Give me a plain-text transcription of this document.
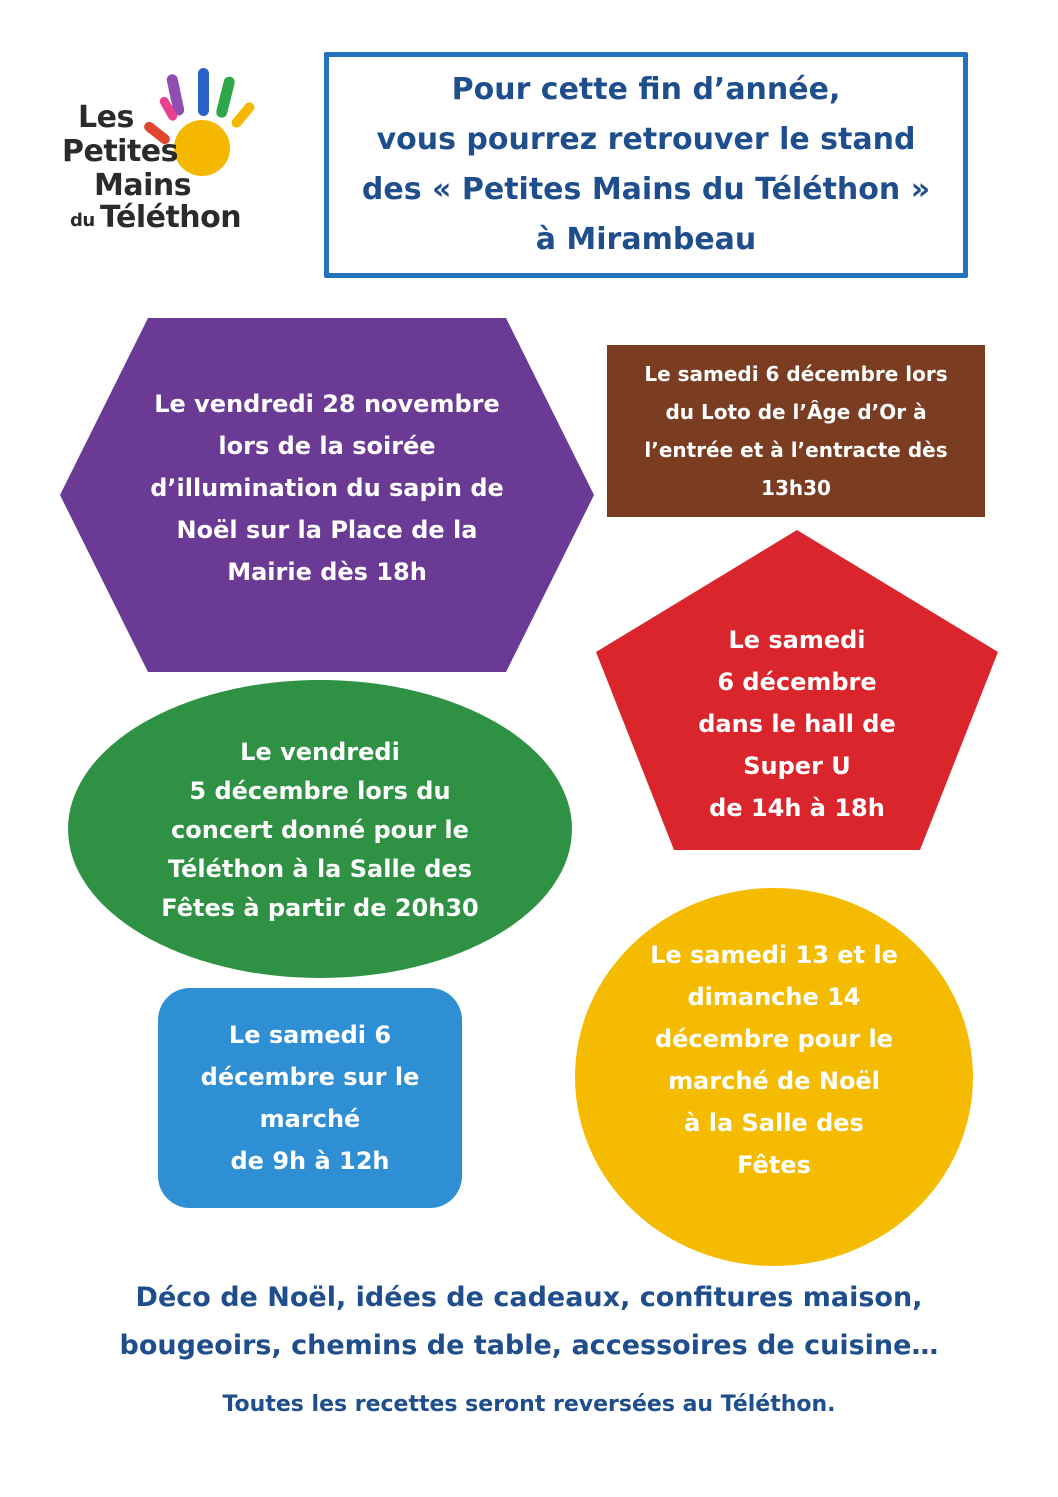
Les
Petites
Mains
du Téléthon
Pour cette fin d’année,
vous pourrez retrouver le stand
des « Petites Mains du Téléthon »
à Mirambeau
Le vendredi 28 novembre
lors de la soirée
d’illumination du sapin de
Noël sur la Place de la
Mairie dès 18h
Le samedi 6 décembre lors
du Loto de l’Âge d’Or à
l’entrée et à l’entracte dès
13h30
Le samedi
6 décembre
dans le hall de
Super U
de 14h à 18h
Le vendredi
5 décembre lors du
concert donné pour le
Téléthon à la Salle des
Fêtes à partir de 20h30
Le samedi 6
décembre sur le
marché
de 9h à 12h
Le samedi 13 et le
dimanche 14
décembre pour le
marché de Noël
à la Salle des
Fêtes
Déco de Noël, idées de cadeaux, confitures maison,
bougeoirs, chemins de table, accessoires de cuisine…
Toutes les recettes seront reversées au Téléthon.
